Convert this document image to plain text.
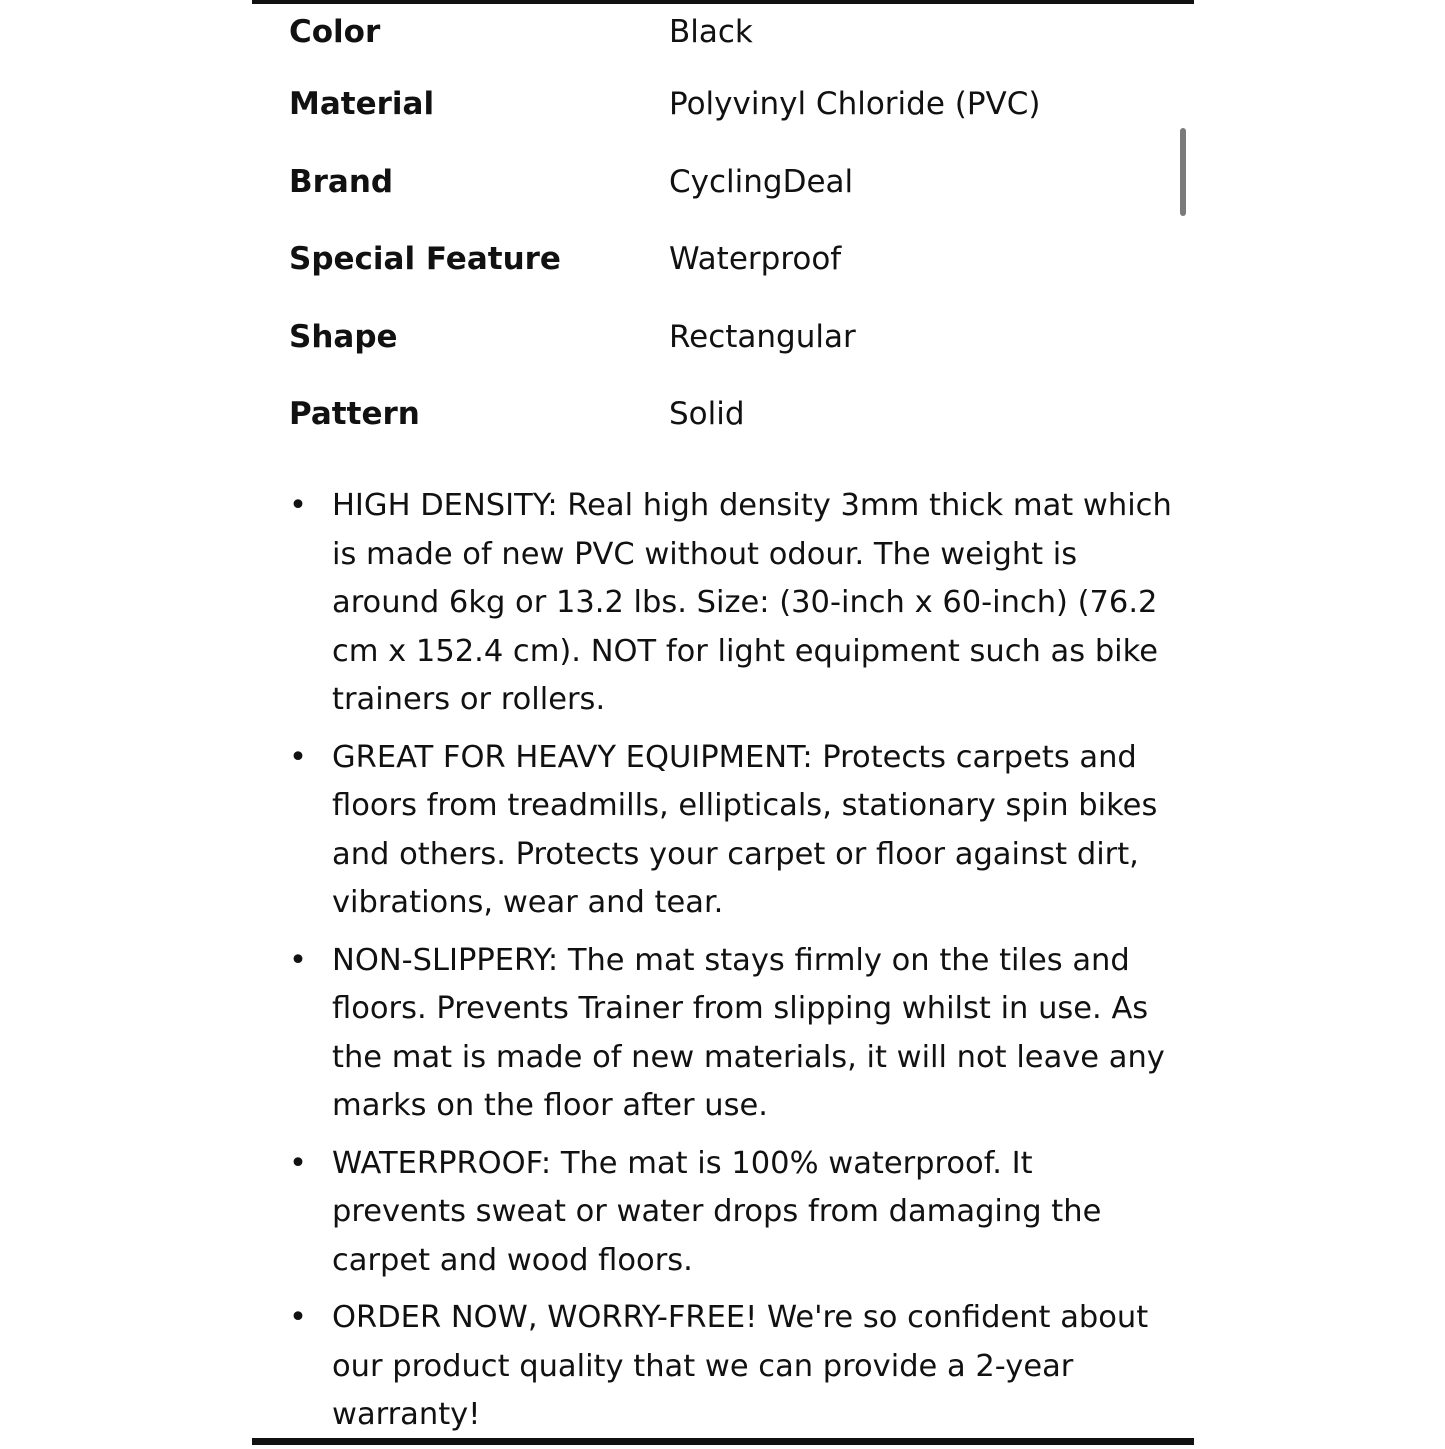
Color	Black
Material	Polyvinyl Chloride (PVC)
Brand	CyclingDeal
Special Feature	Waterproof
Shape	Rectangular
Pattern	Solid
• HIGH DENSITY: Real high density 3mm thick mat which is made of new PVC without odour. The weight is around 6kg or 13.2 lbs. Size: (30-inch x 60-inch) (76.2 cm x 152.4 cm). NOT for light equipment such as bike trainers or rollers.
• GREAT FOR HEAVY EQUIPMENT: Protects carpets and floors from treadmills, ellipticals, stationary spin bikes and others. Protects your carpet or floor against dirt, vibrations, wear and tear.
• NON-SLIPPERY: The mat stays firmly on the tiles and floors. Prevents Trainer from slipping whilst in use. As the mat is made of new materials, it will not leave any marks on the floor after use.
• WATERPROOF: The mat is 100% waterproof. It prevents sweat or water drops from damaging the carpet and wood floors.
• ORDER NOW, WORRY-FREE! We're so confident about our product quality that we can provide a 2-year warranty!
